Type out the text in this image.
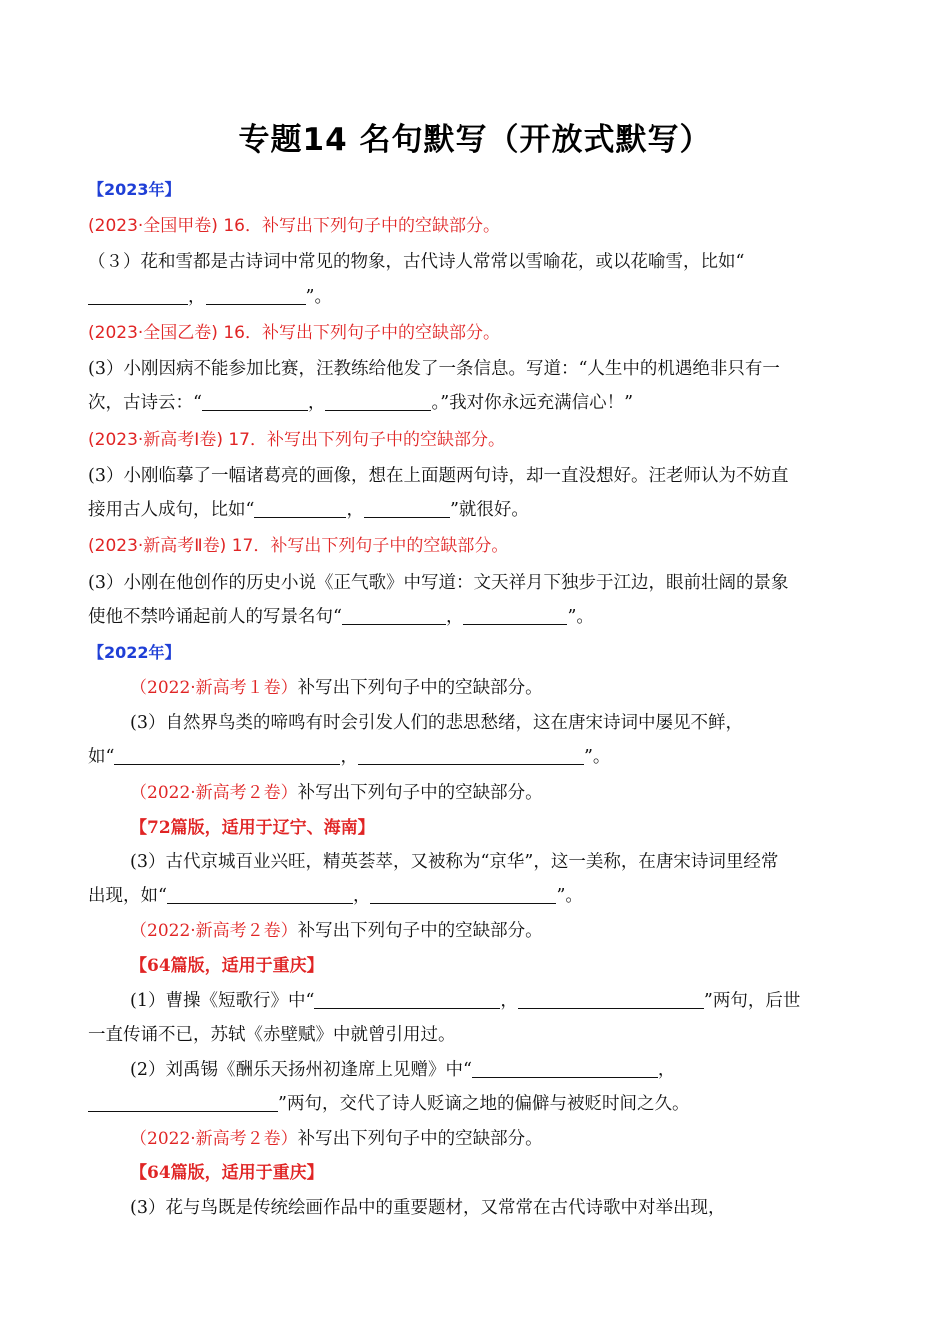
专题14 名句默写（开放式默写）
【2023年】
(2023·全国甲卷) 16．补写出下列句子中的空缺部分。
（３）花和雪都是古诗词中常见的物象，古代诗人常常以雪喻花，或以花喻雪，比如“
，	”。
(2023·全国乙卷) 16．补写出下列句子中的空缺部分。
(3）小刚因病不能参加比赛，汪教练给他发了一条信息。写道：“人生中的机遇绝非只有一
次，古诗云：“	，	。”我对你永远充满信心！”
(2023·新高考Ⅰ卷) 17．补写出下列句子中的空缺部分。
(3）小刚临摹了一幅诸葛亮的画像，想在上面题两句诗，却一直没想好。汪老师认为不妨直
接用古人成句，比如“	，	”就很好。
(2023·新高考Ⅱ卷) 17．补写出下列句子中的空缺部分。
(3）小刚在他创作的历史小说《正气歌》中写道：文天祥月下独步于江边，眼前壮阔的景象
使他不禁吟诵起前人的写景名句“	，	”。
【2022年】
（2022·新高考１卷）补写出下列句子中的空缺部分。
(3）自然界鸟类的啼鸣有时会引发人们的悲思愁绪，这在唐宋诗词中屡见不鲜，
如“	，	”。
（2022·新高考２卷）补写出下列句子中的空缺部分。
【72篇版，适用于辽宁、海南】
(3）古代京城百业兴旺，精英荟萃，又被称为“京华”，这一美称，在唐宋诗词里经常
出现，如“	，	”。
（2022·新高考２卷）补写出下列句子中的空缺部分。
【64篇版，适用于重庆】
(1）曹操《短歌行》中“	，	”两句，后世
一直传诵不已，苏轼《赤壁赋》中就曾引用过。
(2）刘禹锡《酬乐天扬州初逢席上见赠》中“	，
”两句，交代了诗人贬谪之地的偏僻与被贬时间之久。
（2022·新高考２卷）补写出下列句子中的空缺部分。
【64篇版，适用于重庆】
(3）花与鸟既是传统绘画作品中的重要题材，又常常在古代诗歌中对举出现，
